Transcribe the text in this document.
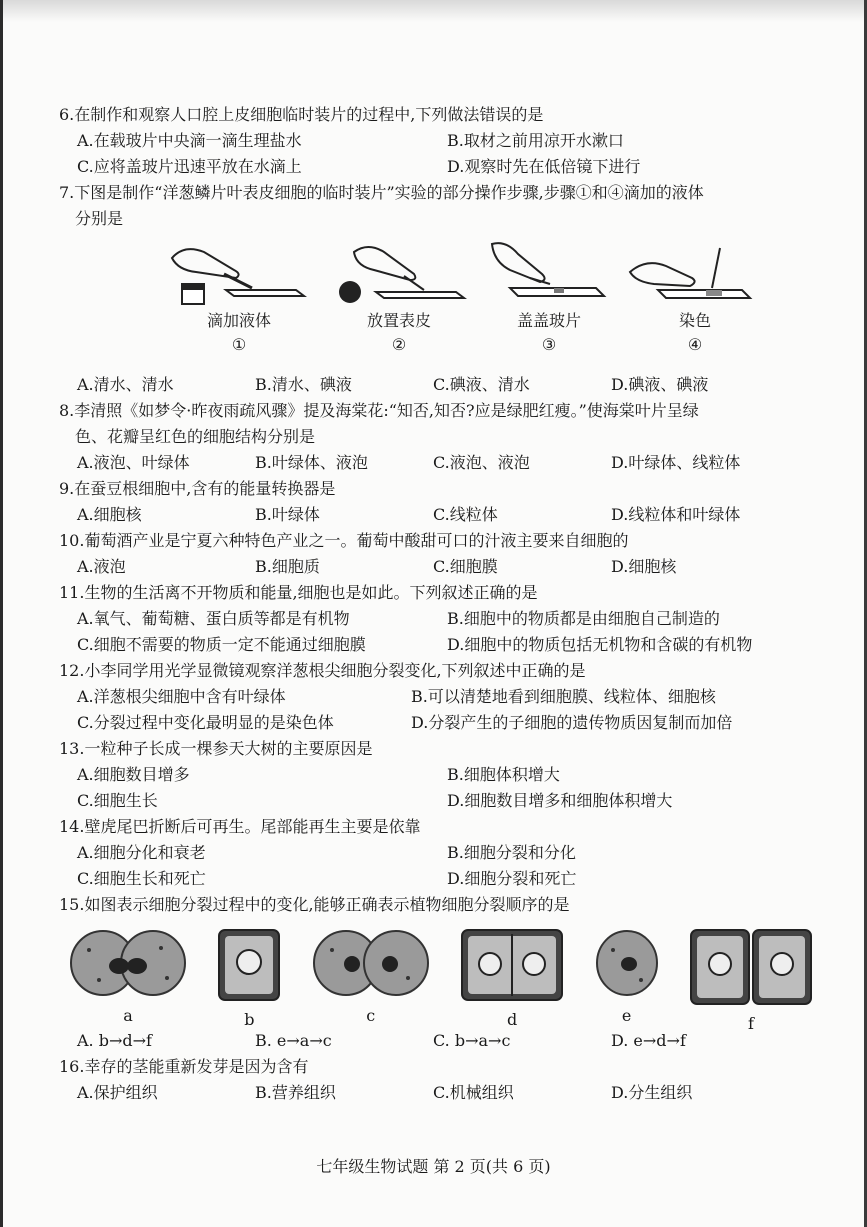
6.在制作和观察人口腔上皮细胞临时装片的过程中,下列做法错误的是

A.在载玻片中央滴一滴生理盐水	B.取材之前用凉开水漱口
C.应将盖玻片迅速平放在水滴上	D.观察时先在低倍镜下进行

7.下图是制作“洋葱鳞片叶表皮细胞的临时装片”实验的部分操作步骤,步骤①和④滴加的液体

分别是

滴加液体
①
放置表皮
②
盖盖玻片
③
染色
④
A.清水、清水	B.清水、碘液	C.碘液、清水	D.碘液、碘液

8.李清照《如梦令·昨夜雨疏风骤》提及海棠花:“知否,知否?应是绿肥红瘦。”使海棠叶片呈绿

色、花瓣呈红色的细胞结构分别是

A.液泡、叶绿体	B.叶绿体、液泡	C.液泡、液泡	D.叶绿体、线粒体

9.在蚕豆根细胞中,含有的能量转换器是

A.细胞核	B.叶绿体	C.线粒体	D.线粒体和叶绿体

10.葡萄酒产业是宁夏六种特色产业之一。葡萄中酸甜可口的汁液主要来自细胞的

A.液泡	B.细胞质	C.细胞膜	D.细胞核

11.生物的生活离不开物质和能量,细胞也是如此。下列叙述正确的是

A.氧气、葡萄糖、蛋白质等都是有机物	B.细胞中的物质都是由细胞自己制造的
C.细胞不需要的物质一定不能通过细胞膜	D.细胞中的物质包括无机物和含碳的有机物

12.小李同学用光学显微镜观察洋葱根尖细胞分裂变化,下列叙述中正确的是

A.洋葱根尖细胞中含有叶绿体	B.可以清楚地看到细胞膜、线粒体、细胞核
C.分裂过程中变化最明显的是染色体	D.分裂产生的子细胞的遗传物质因复制而加倍

13.一粒种子长成一棵参天大树的主要原因是

A.细胞数目增多	B.细胞体积增大
C.细胞生长	D.细胞数目增多和细胞体积增大

14.壁虎尾巴折断后可再生。尾部能再生主要是依靠

A.细胞分化和衰老	B.细胞分裂和分化
C.细胞生长和死亡	D.细胞分裂和死亡

15.如图表示细胞分裂过程中的变化,能够正确表示植物细胞分裂顺序的是

a	b	c	d	e	f
A. b→d→f	B. e→a→c	C. b→a→c	D. e→d→f

16.幸存的茎能重新发芽是因为含有

A.保护组织	B.营养组织	C.机械组织	D.分生组织
七年级生物试题 第 2 页(共 6 页)
